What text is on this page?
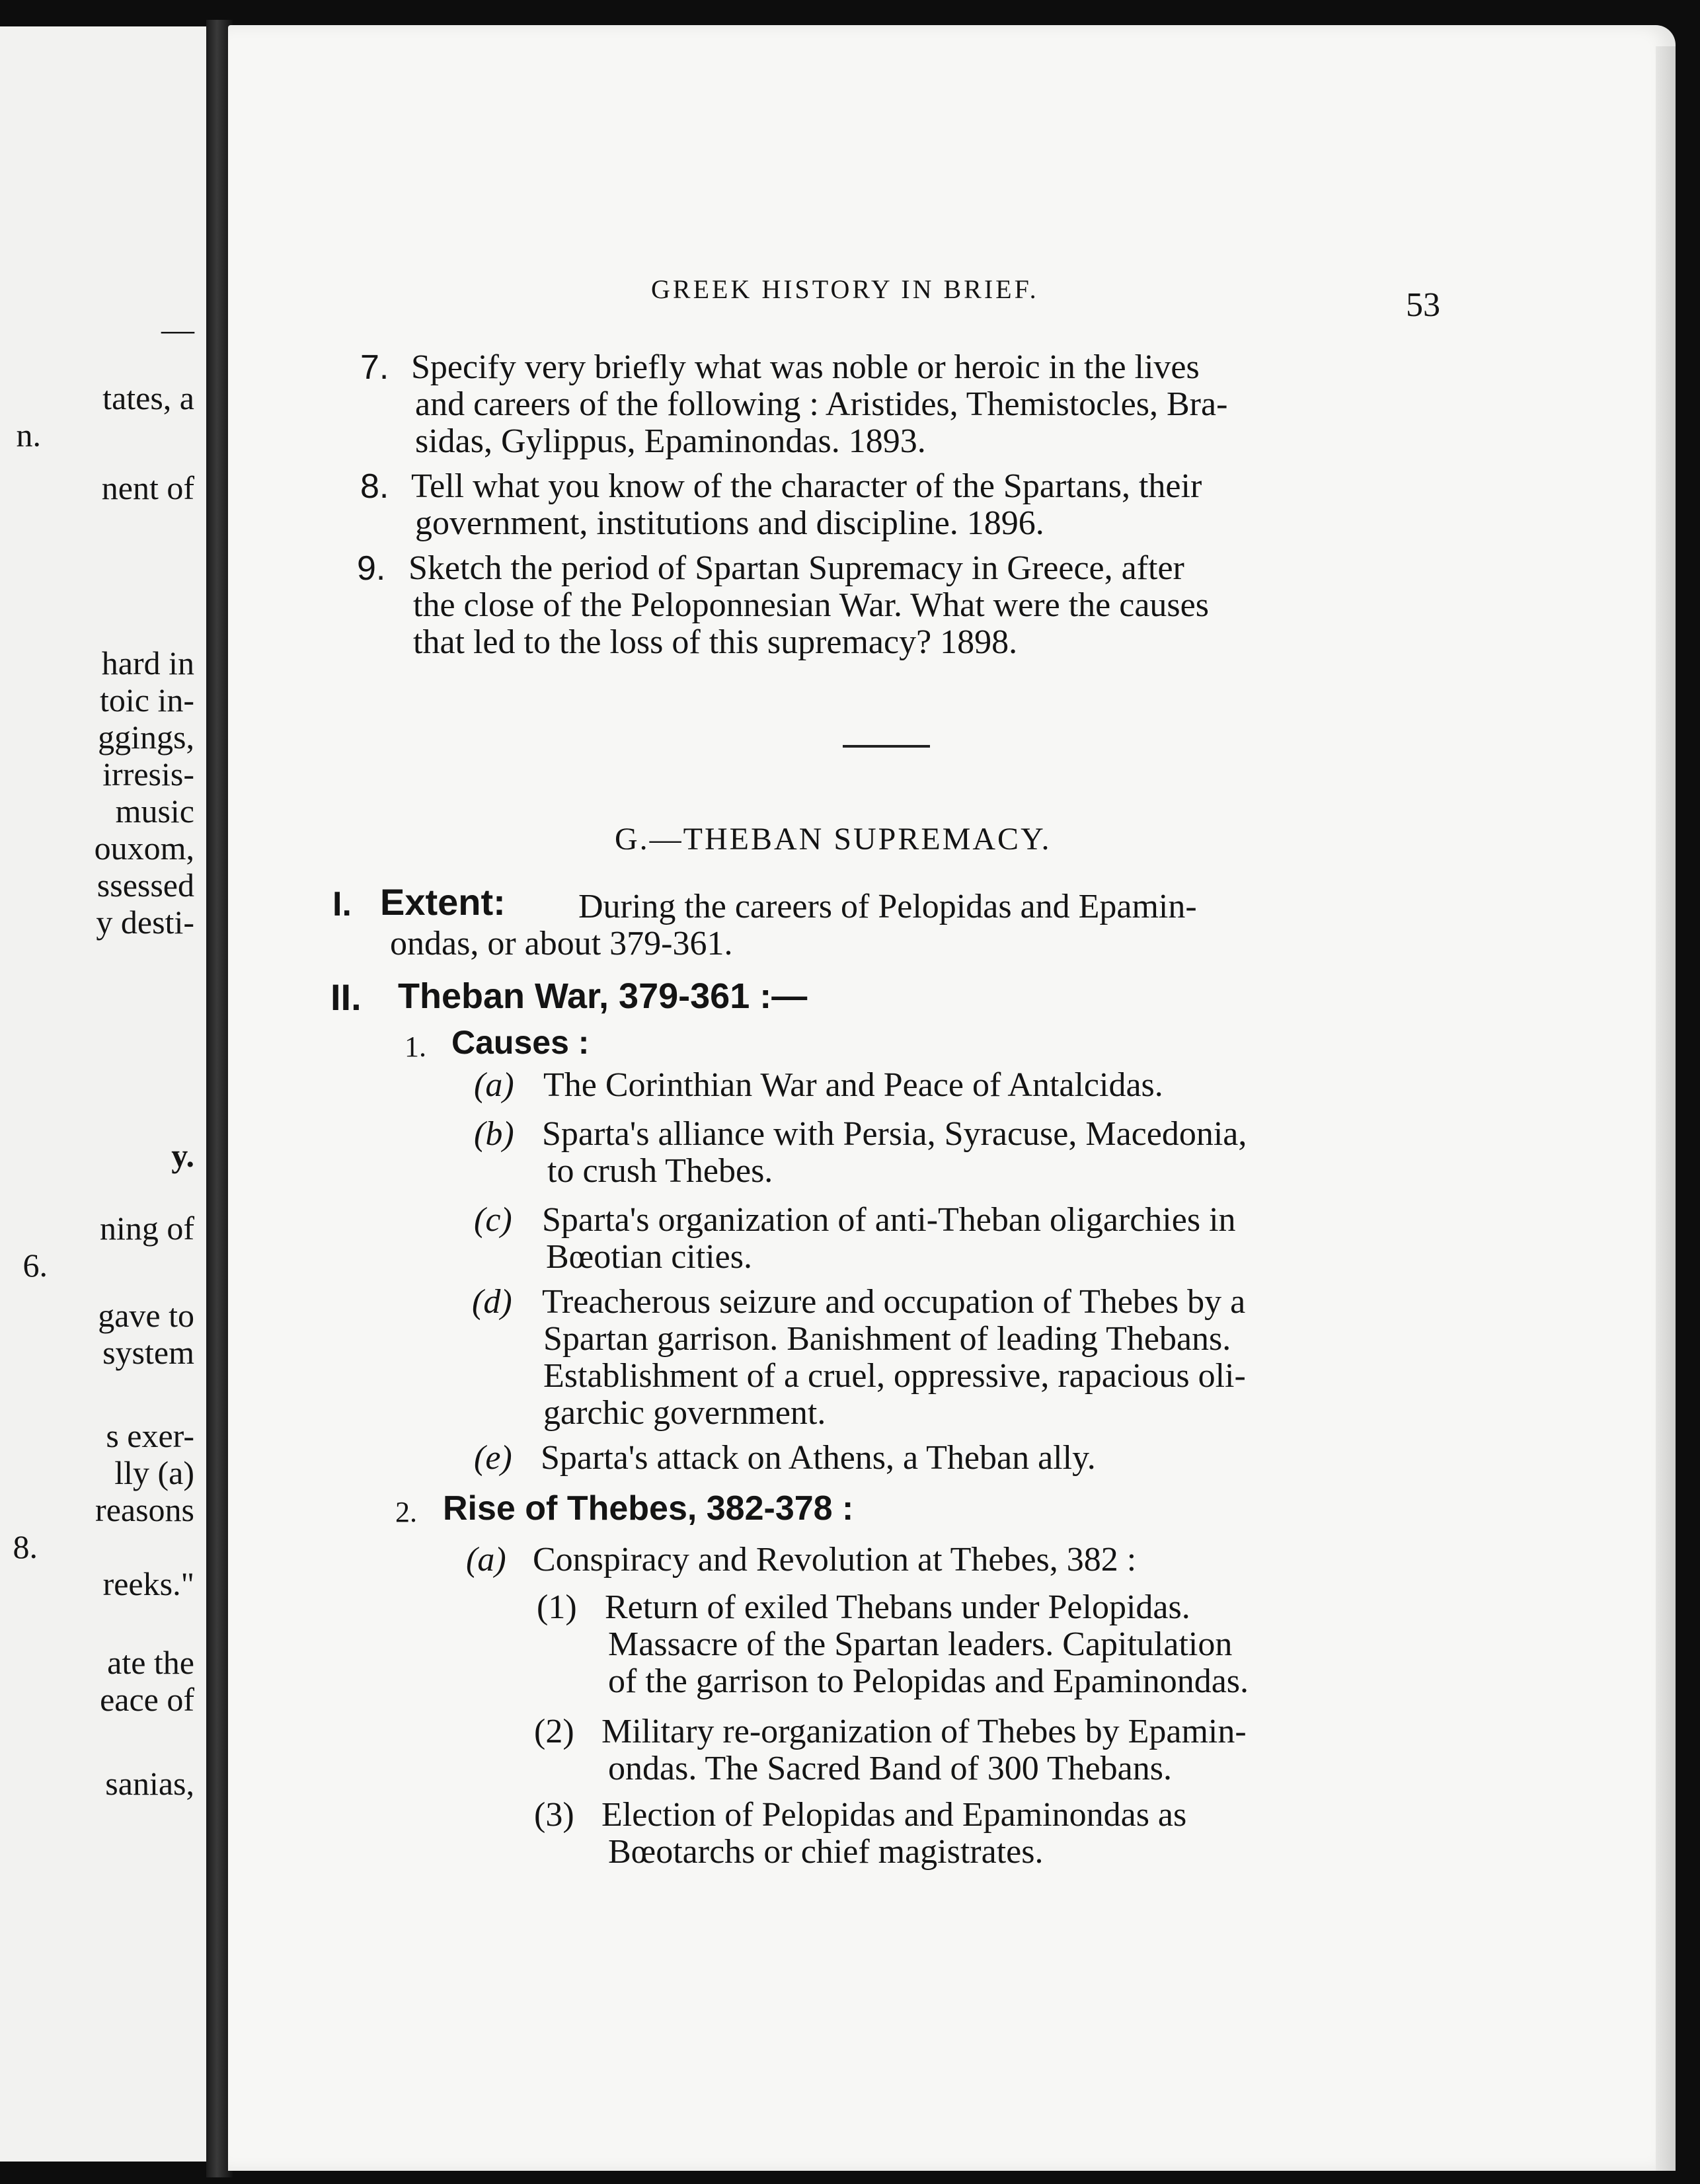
—
tates, a
n.
nent of
hard in
toic in-
ggings,
irresis-
music
ouxom,
ssessed
y desti-
y.
ning of
6.
gave to
system
s exer-
lly (a)
reasons
8.
reeks."
ate the
eace of
sanias,
GREEK HISTORY IN BRIEF.	53
7. Specify very briefly what was noble or heroic in the lives
and careers of the following : Aristides, Themistocles, Bra-
sidas, Gylippus, Epaminondas. 1893.
8. Tell what you know of the character of the Spartans, their
government, institutions and discipline. 1896.
9. Sketch the period of Spartan Supremacy in Greece, after
the close of the Peloponnesian War. What were the causes
that led to the loss of this supremacy? 1898.
G.—THEBAN SUPREMACY.
I. Extent: During the careers of Pelopidas and Epamin-
ondas, or about 379-361.
II. Theban War, 379-361 :—
1. Causes :
(a) The Corinthian War and Peace of Antalcidas.
(b) Sparta's alliance with Persia, Syracuse, Macedonia,
to crush Thebes.
(c) Sparta's organization of anti-Theban oligarchies in
Bœotian cities.
(d) Treacherous seizure and occupation of Thebes by a
Spartan garrison. Banishment of leading Thebans.
Establishment of a cruel, oppressive, rapacious oli-
garchic government.
(e) Sparta's attack on Athens, a Theban ally.
2. Rise of Thebes, 382-378 :
(a) Conspiracy and Revolution at Thebes, 382 :
(1) Return of exiled Thebans under Pelopidas.
Massacre of the Spartan leaders. Capitulation
of the garrison to Pelopidas and Epaminondas.
(2) Military re-organization of Thebes by Epamin-
ondas. The Sacred Band of 300 Thebans.
(3) Election of Pelopidas and Epaminondas as
Bœotarchs or chief magistrates.
